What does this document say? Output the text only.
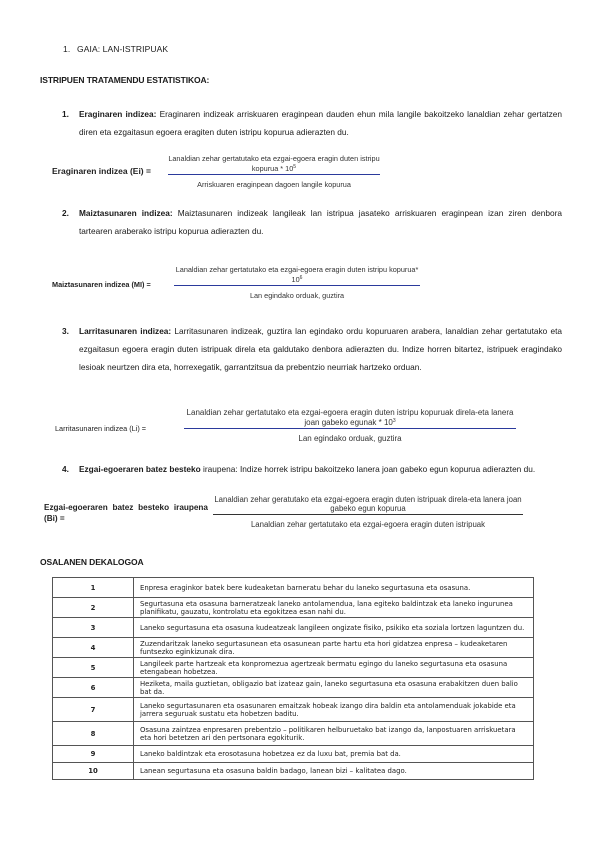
1. GAIA: LAN-ISTRIPUAK
ISTRIPUEN TRATAMENDU ESTATISTIKOA:
1. Eraginaren indizea: Eraginaren indizeak arriskuaren eraginpean dauden ehun mila langile bakoitzeko lanaldian zehar gertatzen diren eta ezgaitasun egoera eragiten duten istripu kopurua adierazten du.
Eraginaren indizea (Ei) =
Lanaldian zehar gertatutako eta ezgai-egoera eragin duten istripu kopurua * $10^5$
Arriskuaren eraginpean dagoen langile kopurua
2. Maiztasunaren indizea: Maiztasunaren indizeak langileak lan istripua jasateko arriskuaren eraginpean izan ziren denbora tartearen araberako istripu kopurua adierazten du.
Maiztasunaren indizea (MI) =
Lanaldian zehar gertatutako eta ezgai-egoera eragin duten istripu kopurua* $10^6$
Lan egindako orduak, guztira
3. Larritasunaren indizea: Larritasunaren indizeak, guztira lan egindako ordu kopuruaren arabera, lanaldian zehar gertatutako eta ezgaitasun egoera eragin duten istripuak direla eta galdutako denbora adierazten du. Indize horren bitartez, istripuek eragindako lesioak neurtzen dira eta, horrexegatik, garrantzitsua da prebentzio neurriak hartzeko orduan.
Larritasunaren indizea (Li) =
Lanaldian zehar gertatutako eta ezgai-egoera eragin duten istripu kopuruak direla-eta lanera joan gabeko egunak * $10^3$
Lan egindako orduak, guztira
4. Ezgai-egoeraren batez besteko iraupena: Indize horrek istripu bakoitzeko lanera joan gabeko egun kopurua adierazten du.
Ezgai-egoeraren batez besteko iraupena (Bi) =
Lanaldian zehar geratutako eta ezgai-egoera eragin duten istripuak direla-eta lanera joan gabeko egun kopurua
Lanaldian zehar gertatutako eta ezgai-egoera eragin duten istripuak
OSALANEN DEKALOGOA
1	Enpresa eraginkor batek bere kudeaketan barneratu behar du laneko segurtasuna eta osasuna.
2	Segurtasuna eta osasuna barneratzeak laneko antolamendua, lana egiteko baldintzak eta laneko ingurunea planifikatu, gauzatu, kontrolatu eta egokitzea esan nahi du.
3	Laneko segurtasuna eta osasuna kudeatzeak langileen ongizate fisiko, psikiko eta soziala lortzen laguntzen du.
4	Zuzendaritzak laneko segurtasunean eta osasunean parte hartu eta hori gidatzea enpresa – kudeaketaren funtsezko eginkizunak dira.
5	Langileek parte hartzeak eta konpromezua agertzeak bermatu egingo du laneko segurtasuna eta osasuna etengabean hobetzea.
6	Heziketa, maila guztietan, obligazio bat izateaz gain, laneko segurtasuna eta osasuna erabakitzen duen balio bat da.
7	Laneko segurtasunaren eta osasunaren emaitzak hobeak izango dira baldin eta antolamenduak jokabide eta jarrera seguruak sustatu eta hobetzen baditu.
8	Osasuna zaintzea enpresaren prebentzio – politikaren helburuetako bat izango da, lanpostuaren arriskuetara eta hori betetzen ari den pertsonara egokiturik.
9	Laneko baldintzak eta erosotasuna hobetzea ez da luxu bat, premia bat da.
10	Lanean segurtasuna eta osasuna baldin badago, lanean bizi – kalitatea dago.
